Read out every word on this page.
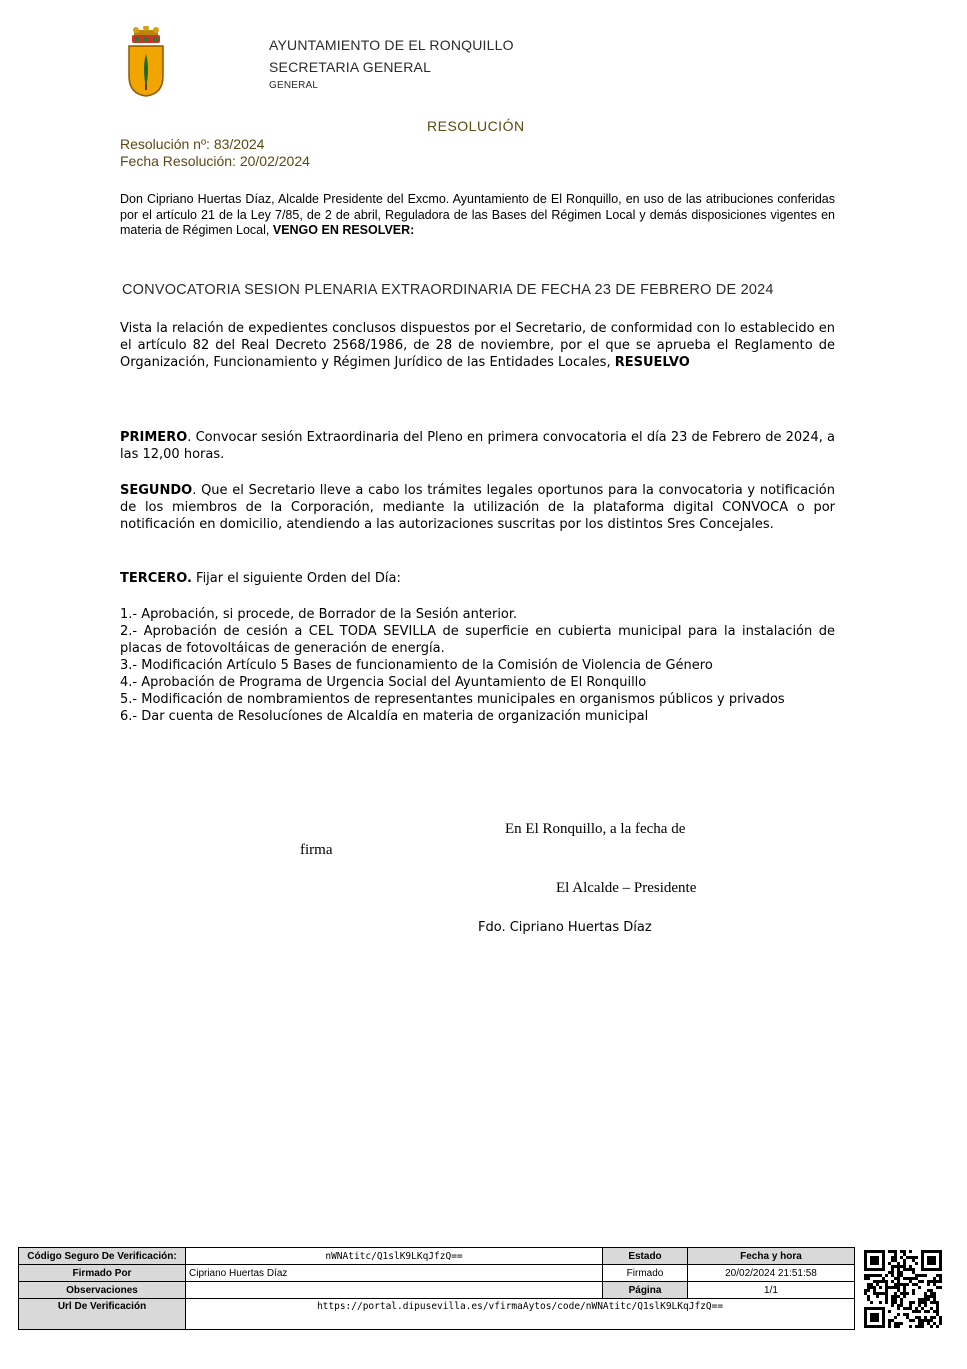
AYUNTAMIENTO DE EL RONQUILLO
SECRETARIA GENERAL
GENERAL
RESOLUCIÓN
Resolución nº: 83/2024
Fecha Resolución: 20/02/2024
Don Cipriano Huertas Díaz, Alcalde Presidente del Excmo. Ayuntamiento de El Ronquillo, en uso de las atribuciones conferidas por el artículo 21 de la Ley 7/85, de 2 de abril, Reguladora de las Bases del Régimen Local y demás disposiciones vigentes en materia de Régimen Local, VENGO EN RESOLVER:
CONVOCATORIA SESION PLENARIA EXTRAORDINARIA DE FECHA 23 DE FEBRERO DE 2024
Vista la relación de expedientes conclusos dispuestos por el Secretario, de conformidad con lo establecido en el artículo 82 del Real Decreto 2568/1986, de 28 de noviembre, por el que se aprueba el Reglamento de Organización, Funcionamiento y Régimen Jurídico de las Entidades Locales, RESUELVO
PRIMERO. Convocar sesión Extraordinaria del Pleno en primera convocatoria el día 23 de Febrero de 2024, a las 12,00 horas.
SEGUNDO. Que el Secretario lleve a cabo los trámites legales oportunos para la convocatoria y notificación de los miembros de la Corporación, mediante la utilización de la plataforma digital CONVOCA o por notificación en domicilio, atendiendo a las autorizaciones suscritas por los distintos Sres Concejales.
TERCERO. Fijar el siguiente Orden del Día:
1.- Aprobación, si procede, de Borrador de la Sesión anterior.
2.- Aprobación de cesión a CEL TODA SEVILLA de superficie en cubierta municipal para la instalación de placas de fotovoltáicas de generación de energía.
3.- Modificación Artículo 5 Bases de funcionamiento de la Comisión de Violencia de Género
4.- Aprobación de Programa de Urgencia Social del Ayuntamiento de El Ronquillo
5.- Modificación de nombramientos de representantes municipales en organismos públicos y privados
6.- Dar cuenta de Resolucíones de Alcaldía en materia de organización municipal
En El Ronquillo, a la fecha de
firma
El Alcalde – Presidente
Fdo. Cipriano Huertas Díaz
Código Seguro De Verificación:	nWNAtitc/Q1slK9LKqJfzQ==	Estado	Fecha y hora
Firmado Por	Cipriano Huertas Díaz	Firmado	20/02/2024 21:51:58
Observaciones		Página	1/1
Url De Verificación	https://portal.dipusevilla.es/vfirmaAytos/code/nWNAtitc/Q1slK9LKqJfzQ==		
